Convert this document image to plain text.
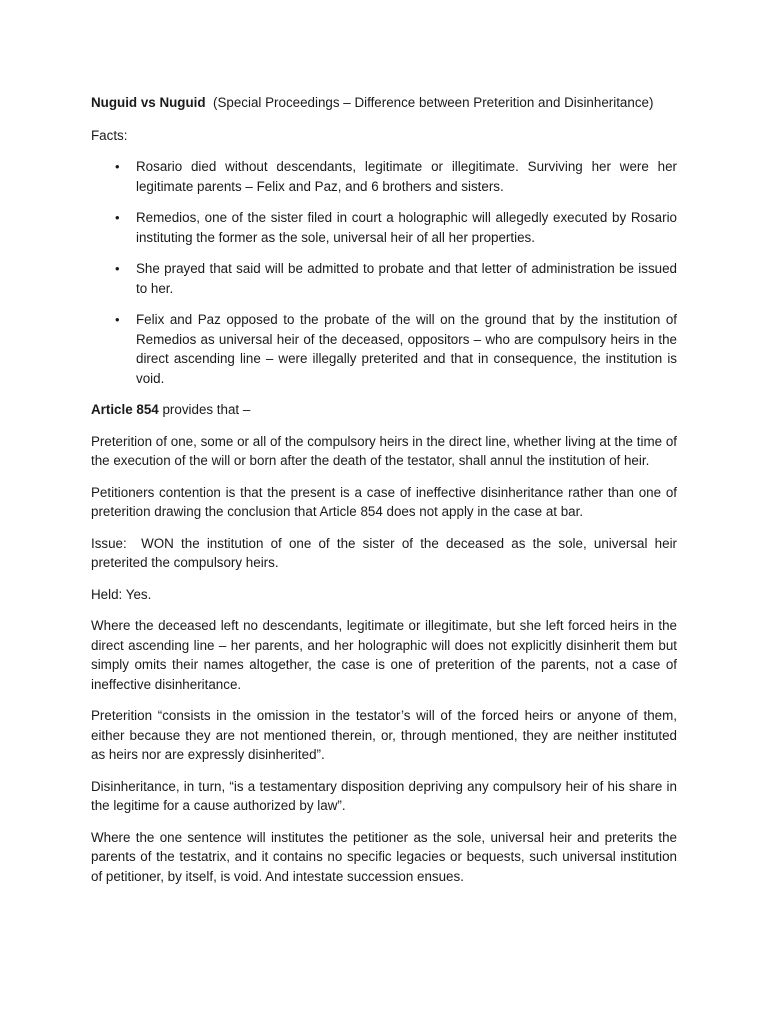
Nuguid vs Nuguid (Special Proceedings – Difference between Preterition and Disinheritance)

Facts:

• Rosario died without descendants, legitimate or illegitimate. Surviving her were her legitimate parents – Felix and Paz, and 6 brothers and sisters.
• Remedios, one of the sister filed in court a holographic will allegedly executed by Rosario instituting the former as the sole, universal heir of all her properties.
• She prayed that said will be admitted to probate and that letter of administration be issued to her.
• Felix and Paz opposed to the probate of the will on the ground that by the institution of Remedios as universal heir of the deceased, oppositors – who are compulsory heirs in the direct ascending line – were illegally preterited and that in consequence, the institution is void.

Article 854 provides that –

Preterition of one, some or all of the compulsory heirs in the direct line, whether living at the time of the execution of the will or born after the death of the testator, shall annul the institution of heir.

Petitioners contention is that the present is a case of ineffective disinheritance rather than one of preterition drawing the conclusion that Article 854 does not apply in the case at bar.

Issue:  WON the institution of one of the sister of the deceased as the sole, universal heir preterited the compulsory heirs.

Held: Yes.

Where the deceased left no descendants, legitimate or illegitimate, but she left forced heirs in the direct ascending line – her parents, and her holographic will does not explicitly disinherit them but simply omits their names altogether, the case is one of preterition of the parents, not a case of ineffective disinheritance.

Preterition “consists in the omission in the testator’s will of the forced heirs or anyone of them, either because they are not mentioned therein, or, through mentioned, they are neither instituted as heirs nor are expressly disinherited”.

Disinheritance, in turn, “is a testamentary disposition depriving any compulsory heir of his share in the legitime for a cause authorized by law”.

Where the one sentence will institutes the petitioner as the sole, universal heir and preterits the parents of the testatrix, and it contains no specific legacies or bequests, such universal institution of petitioner, by itself, is void. And intestate succession ensues.
